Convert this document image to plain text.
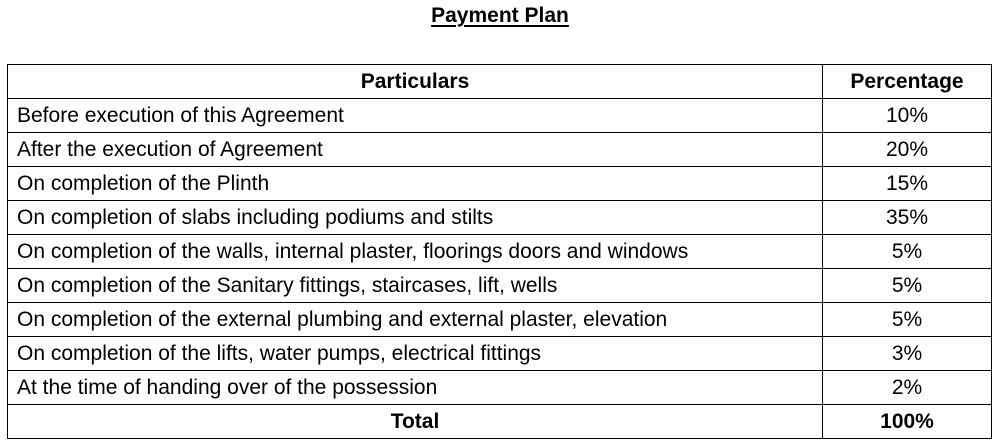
Payment Plan
Particulars	Percentage
Before execution of this Agreement	10%
After the execution of Agreement	20%
On completion of the Plinth	15%
On completion of slabs including podiums and stilts	35%
On completion of the walls, internal plaster, floorings doors and windows	5%
On completion of the Sanitary fittings, staircases, lift, wells	5%
On completion of the external plumbing and external plaster, elevation	5%
On completion of the lifts, water pumps, electrical fittings	3%
At the time of handing over of the possession	2%
Total	100%
